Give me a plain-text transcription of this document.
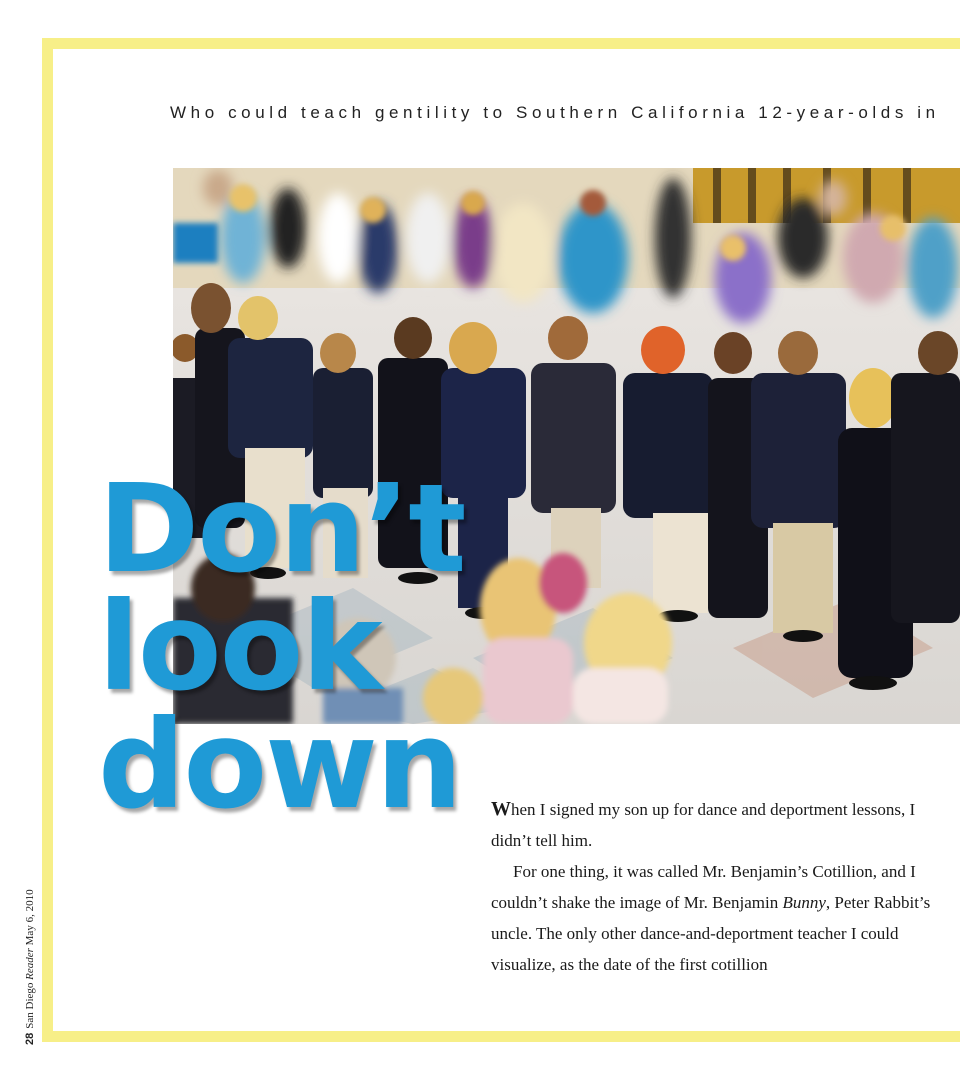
28San Diego Reader May 6, 2010
Who could teach gentility to Southern California 12-year-olds in
Don’t
look
down When I signed my son up for dance and deportment lessons, I didn’t tell him.

For one thing, it was called Mr. Benjamin’s Cotillion, and I couldn’t shake the image of Mr. Benjamin Bunny, Peter Rabbit’s uncle. The only other dance-and-deportment teacher I could visualize, as the date of the first cotillion
